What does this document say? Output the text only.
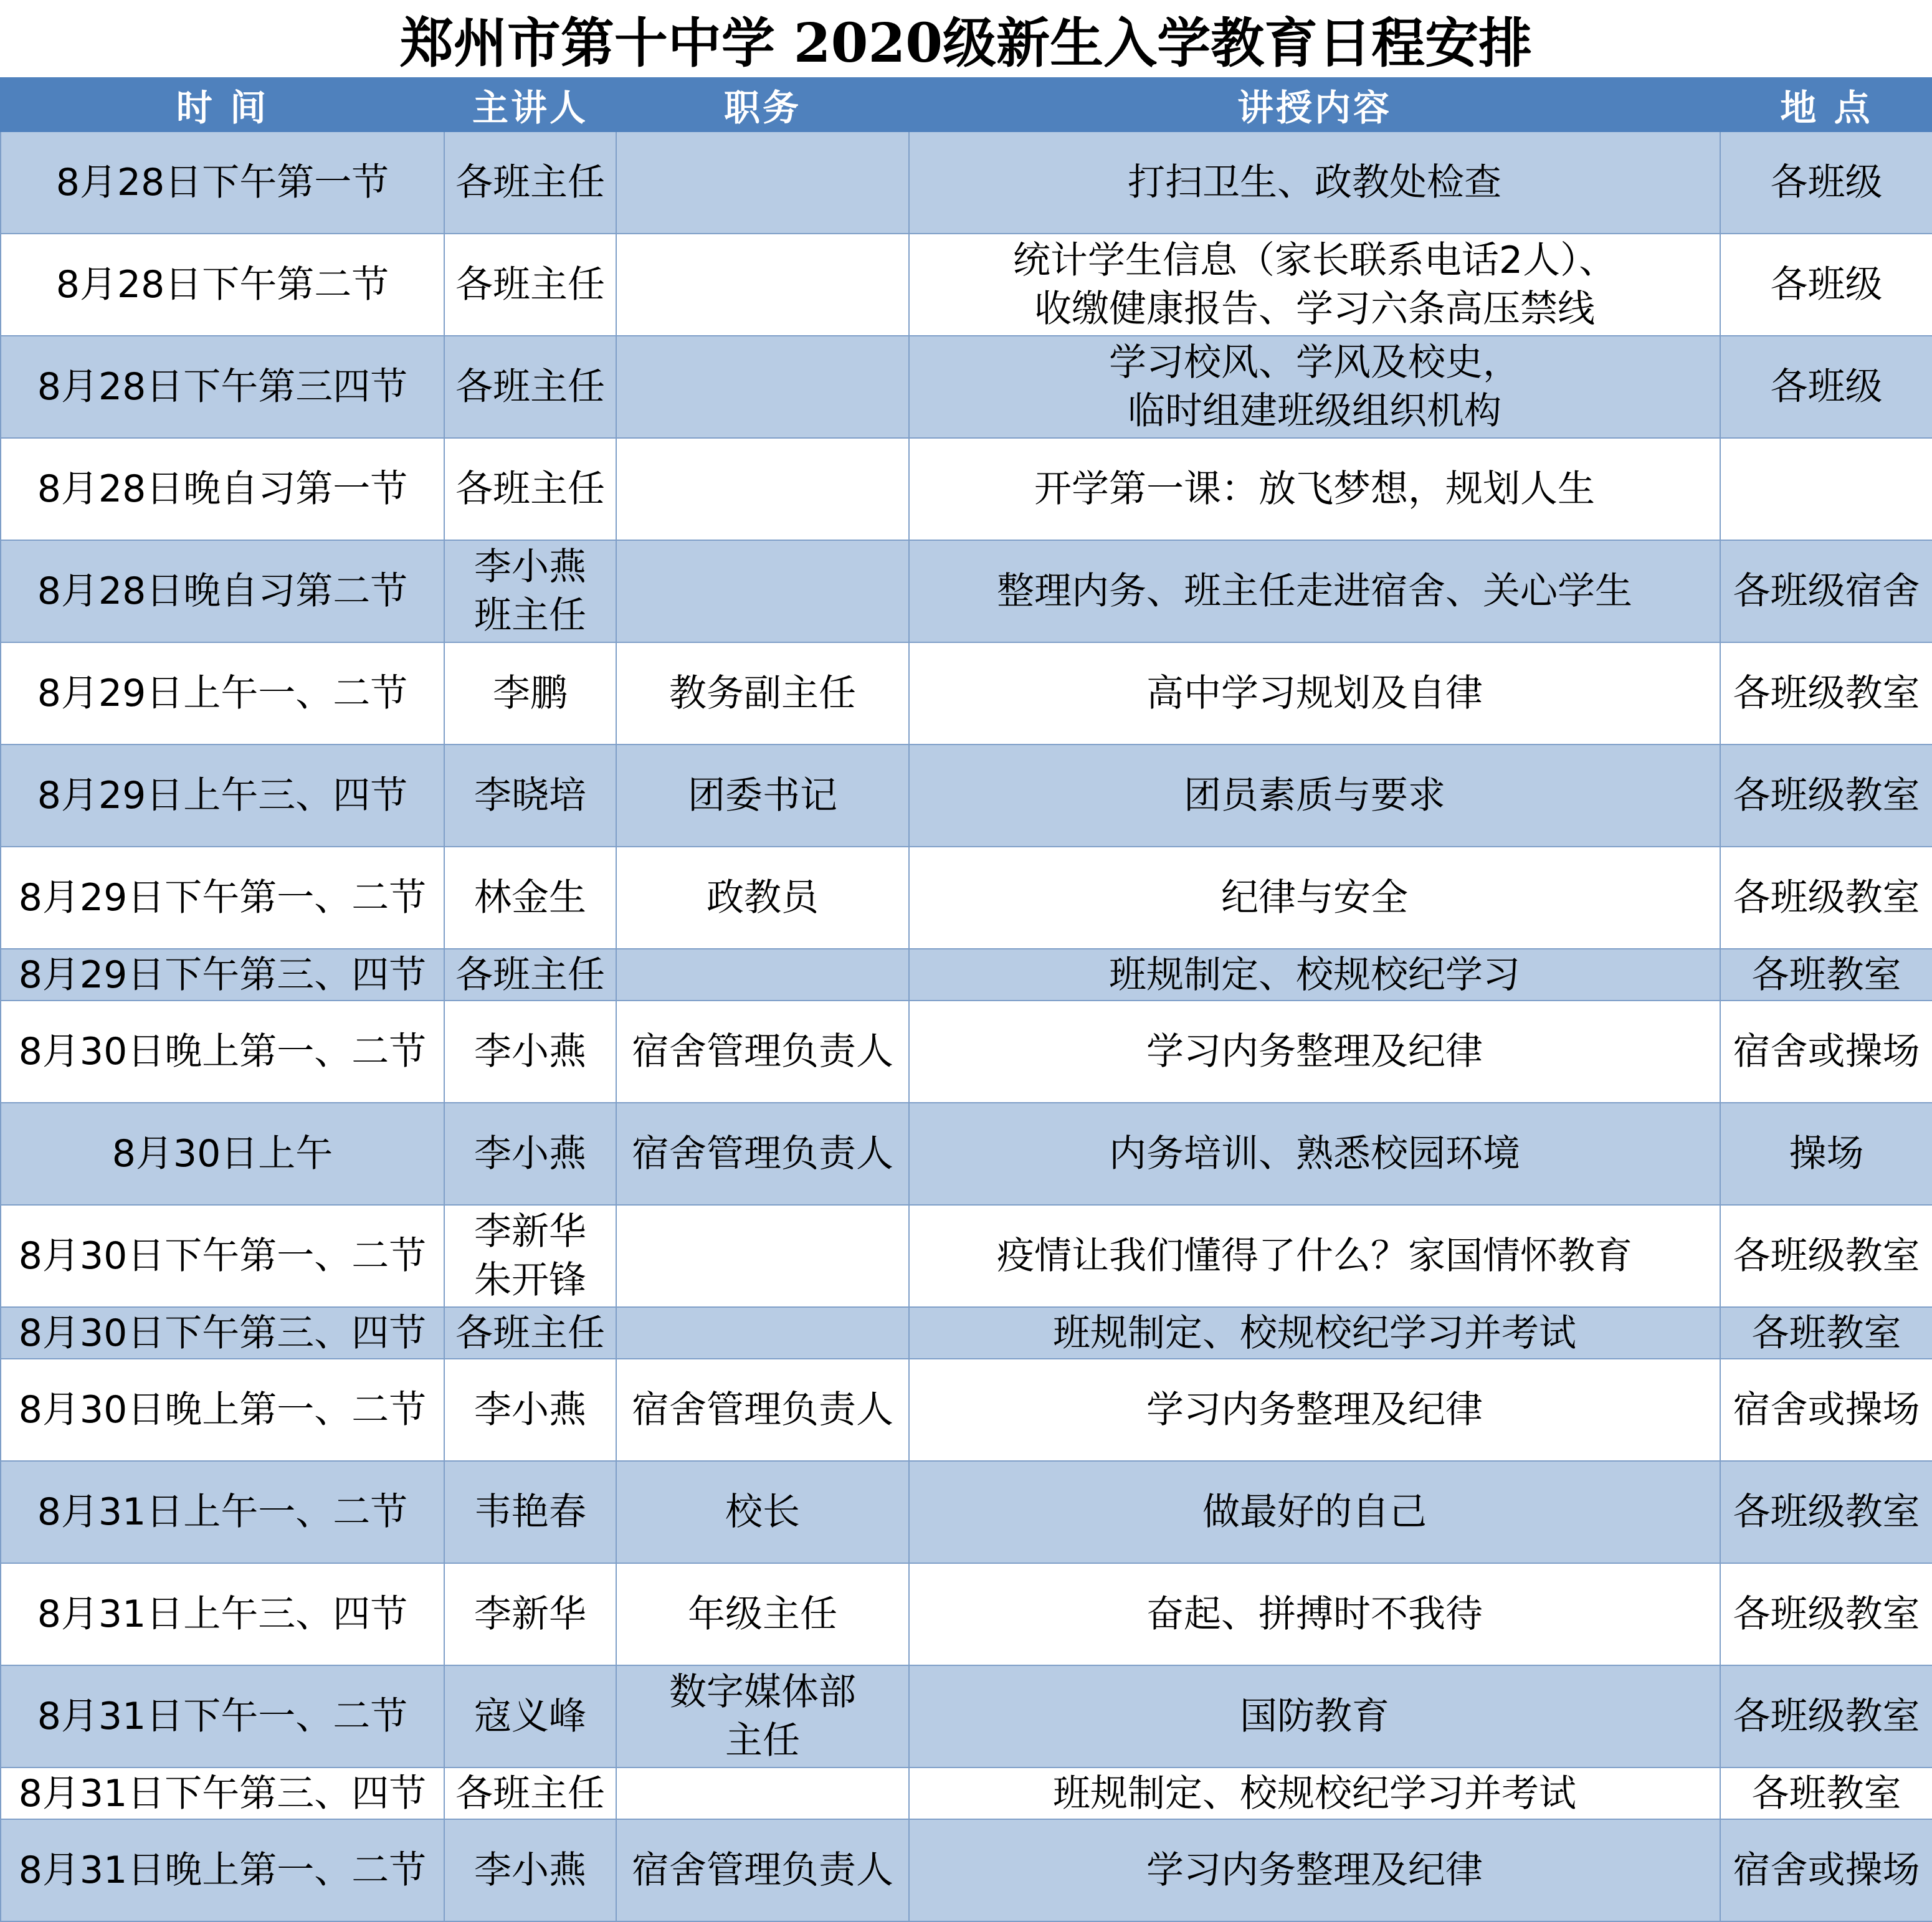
郑州市第十中学 2020级新生入学教育日程安排
时 间	主讲人	职务	讲授内容	地 点
8月28日下午第一节	各班主任		打扫卫生、政教处检查	各班级
8月28日下午第二节	各班主任		统计学生信息（家长联系电话2人）、
收缴健康报告、学习六条高压禁线	各班级
8月28日下午第三四节	各班主任		学习校风、学风及校史，
临时组建班级组织机构	各班级
8月28日晚自习第一节	各班主任		开学第一课：放飞梦想，规划人生	

8月28日晚自习第二节	李小燕
班主任		整理内务、班主任走进宿舍、关心学生	各班级宿舍
8月29日上午一、二节	李鹏	教务副主任	高中学习规划及自律	各班级教室
8月29日上午三、四节	李晓培	团委书记	团员素质与要求	各班级教室
8月29日下午第一、二节	林金生	政教员	纪律与安全	各班级教室
8月29日下午第三、四节	各班主任		班规制定、校规校纪学习	各班教室
8月30日晚上第一、二节	李小燕	宿舍管理负责人	学习内务整理及纪律	宿舍或操场
8月30日上午	李小燕	宿舍管理负责人	内务培训、熟悉校园环境	操场
8月30日下午第一、二节	李新华
朱开锋		疫情让我们懂得了什么？家国情怀教育	各班级教室
8月30日下午第三、四节	各班主任		班规制定、校规校纪学习并考试	各班教室
8月30日晚上第一、二节	李小燕	宿舍管理负责人	学习内务整理及纪律	宿舍或操场
8月31日上午一、二节	韦艳春	校长	做最好的自己	各班级教室
8月31日上午三、四节	李新华	年级主任	奋起、拼搏时不我待	各班级教室
8月31日下午一、二节	寇义峰	数字媒体部
主任	国防教育	各班级教室
8月31日下午第三、四节	各班主任		班规制定、校规校纪学习并考试	各班教室
8月31日晚上第一、二节	李小燕	宿舍管理负责人	学习内务整理及纪律	宿舍或操场
